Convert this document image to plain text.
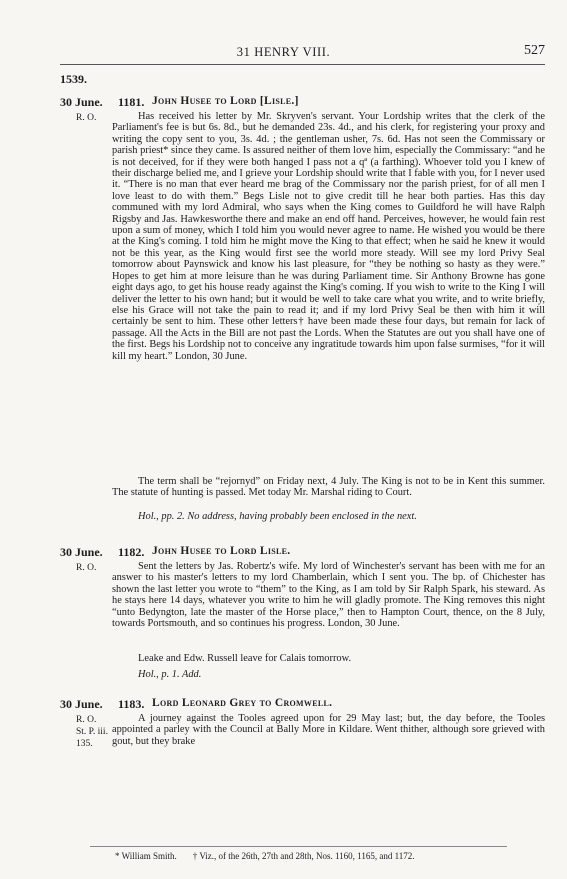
31 HENRY VIII.	527
1539.
30 June. 1181. John Husee to Lord [Lisle.]
R. O.	Has received his letter by Mr. Skryven's servant. Your Lordship writes that the clerk of the Parliament's fee is but 6s. 8d., but he demanded 23s. 4d., and his clerk, for registering your proxy and writing the copy sent to you, 3s. 4d. ; the gentleman usher, 7s. 6d. Has not seen the Commissary or parish priest* since they came. Is assured neither of them love him, especially the Commissary: “and he is not deceived, for if they were both hanged I pass not a qª (a farthing). Whoever told you I knew of their discharge belied me, and I grieve your Lordship should write that I fable with you, for I never used it. “There is no man that ever heard me brag of the Commissary nor the parish priest, for of all men I love least to do with them.” Begs Lisle not to give credit till he hear both parties. Has this day communed with my lord Admiral, who says when the King comes to Guildford he will have Ralph Rigsby and Jas. Hawkesworthe there and make an end off hand. Perceives, however, he would fain rest upon a sum of money, which I told him you would never agree to name. He wished you would be there at the King's coming. I told him he might move the King to that effect; when he said he knew it would not be this year, as the King would first see the world more steady. Will see my lord Privy Seal tomorrow about Paynswick and know his last pleasure, for “they be nothing so hasty as they were.” Hopes to get him at more leisure than he was during Parliament time. Sir Anthony Browne has gone eight days ago, to get his house ready against the King's coming. If you wish to write to the King I will deliver the letter to his own hand; but it would be well to take care what you write, and to write briefly, else his Grace will not take the pain to read it; and if my lord Privy Seal be then with him it will certainly be sent to him. These other letters† have been made these four days, but remain for lack of passage. All the Acts in the Bill are not past the Lords. When the Statutes are out you shall have one of the first. Begs his Lordship not to conceive any ingratitude towards him upon false surmises, “for it will kill my heart.” London, 30 June.
The term shall be “rejornyd” on Friday next, 4 July. The King is not to be in Kent this summer. The statute of hunting is passed. Met today Mr. Marshal riding to Court.
Hol., pp. 2. No address, having probably been enclosed in the next.
30 June. 1182. John Husee to Lord Lisle.
R. O.	Sent the letters by Jas. Robertz's wife. My lord of Winchester's servant has been with me for an answer to his master's letters to my lord Chamberlain, which I sent you. The bp. of Chichester has shown the last letter you wrote to “them” to the King, as I am told by Sir Ralph Spark, his steward. As he stays here 14 days, whatever you write to him he will gladly promote. The King removes this night “unto Bedyngton, late the master of the Horse place,” then to Hampton Court, thence, on the 8 July, towards Portsmouth, and so continues his progress. London, 30 June.
Leake and Edw. Russell leave for Calais tomorrow.
Hol., p. 1. Add.
30 June. 1183. Lord Leonard Grey to Cromwell.
R. O.
St. P. iii.
135.
A journey against the Tooles agreed upon for 29 May last; but, the day before, the Tooles appointed a parley with the Council at Bally More in Kildare. Went thither, although sore grieved with gout, but they brake
* William Smith. † Viz., of the 26th, 27th and 28th, Nos. 1160, 1165, and 1172.
